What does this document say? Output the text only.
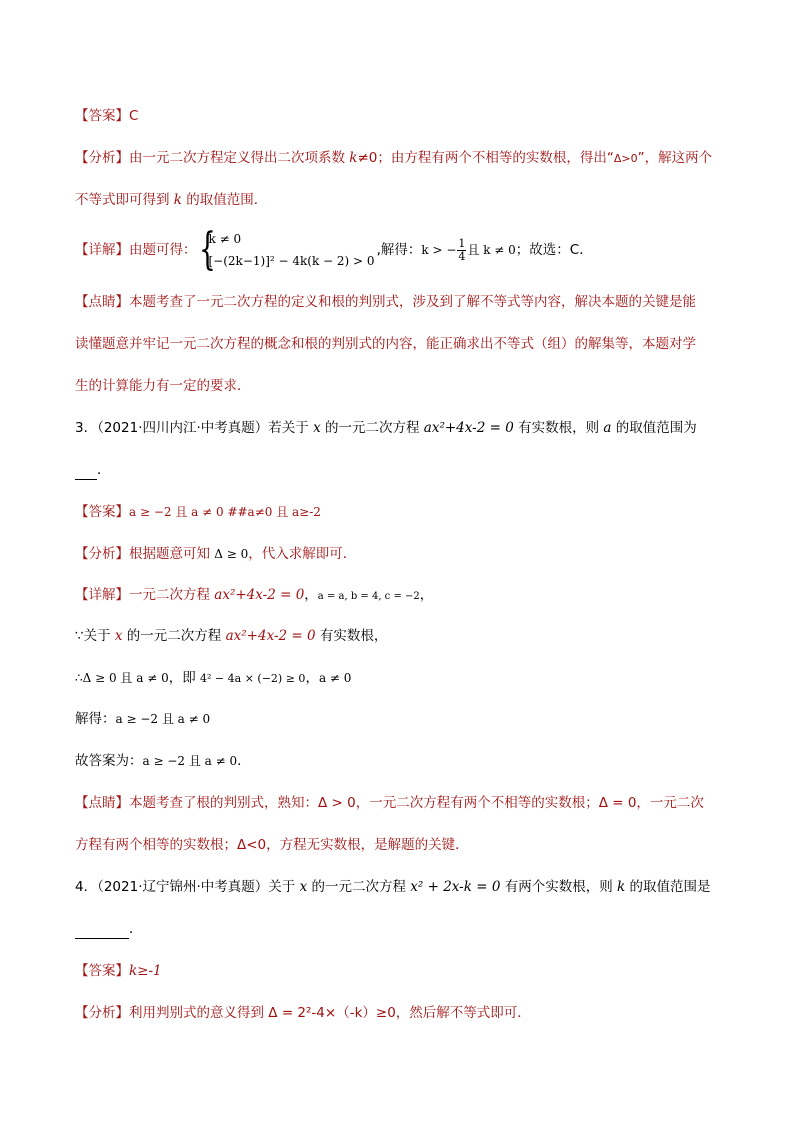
【答案】C
【分析】由一元二次方程定义得出二次项系数 k≠0；由方程有两个不相等的实数根，得出“Δ>0”，解这两个
不等式即可得到 k 的取值范围．
【详解】由题可得： {
k ≠ 0
[−(2k−1)]² − 4k(k − 2) > 0
,解得：k > − $\frac{1}{4}$ 且 k ≠ 0；故选：C．
【点睛】本题考查了一元二次方程的定义和根的判别式，涉及到了解不等式等内容，解决本题的关键是能
读懂题意并牢记一元二次方程的概念和根的判别式的内容，能正确求出不等式（组）的解集等，本题对学
生的计算能力有一定的要求．
3．（2021·四川内江·中考真题）若关于 x 的一元二次方程 ax²+4x-2 = 0 有实数根，则 a 的取值范围为
．
【答案】a ≥ −2 且 a ≠ 0 ##a≠0 且 a≥-2
【分析】根据题意可知 Δ ≥ 0，代入求解即可．
【详解】一元二次方程 ax²+4x-2 = 0，a = a, b = 4, c = −2，
∵关于 x 的一元二次方程 ax²+4x-2 = 0 有实数根，
∴Δ ≥ 0 且 a ≠ 0，即 4² − 4a × (−2) ≥ 0，a ≠ 0
解得：a ≥ −2 且 a ≠ 0
故答案为：a ≥ −2 且 a ≠ 0．
【点睛】本题考查了根的判别式，熟知：Δ > 0，一元二次方程有两个不相等的实数根；Δ = 0，一元二次
方程有两个相等的实数根；Δ<0，方程无实数根，是解题的关键．
4．（2021·辽宁锦州·中考真题）关于 x 的一元二次方程 x² + 2x-k = 0 有两个实数根，则 k 的取值范围是
．
【答案】k≥-1
【分析】利用判别式的意义得到 Δ = 2²-4×（-k）≥0，然后解不等式即可．
